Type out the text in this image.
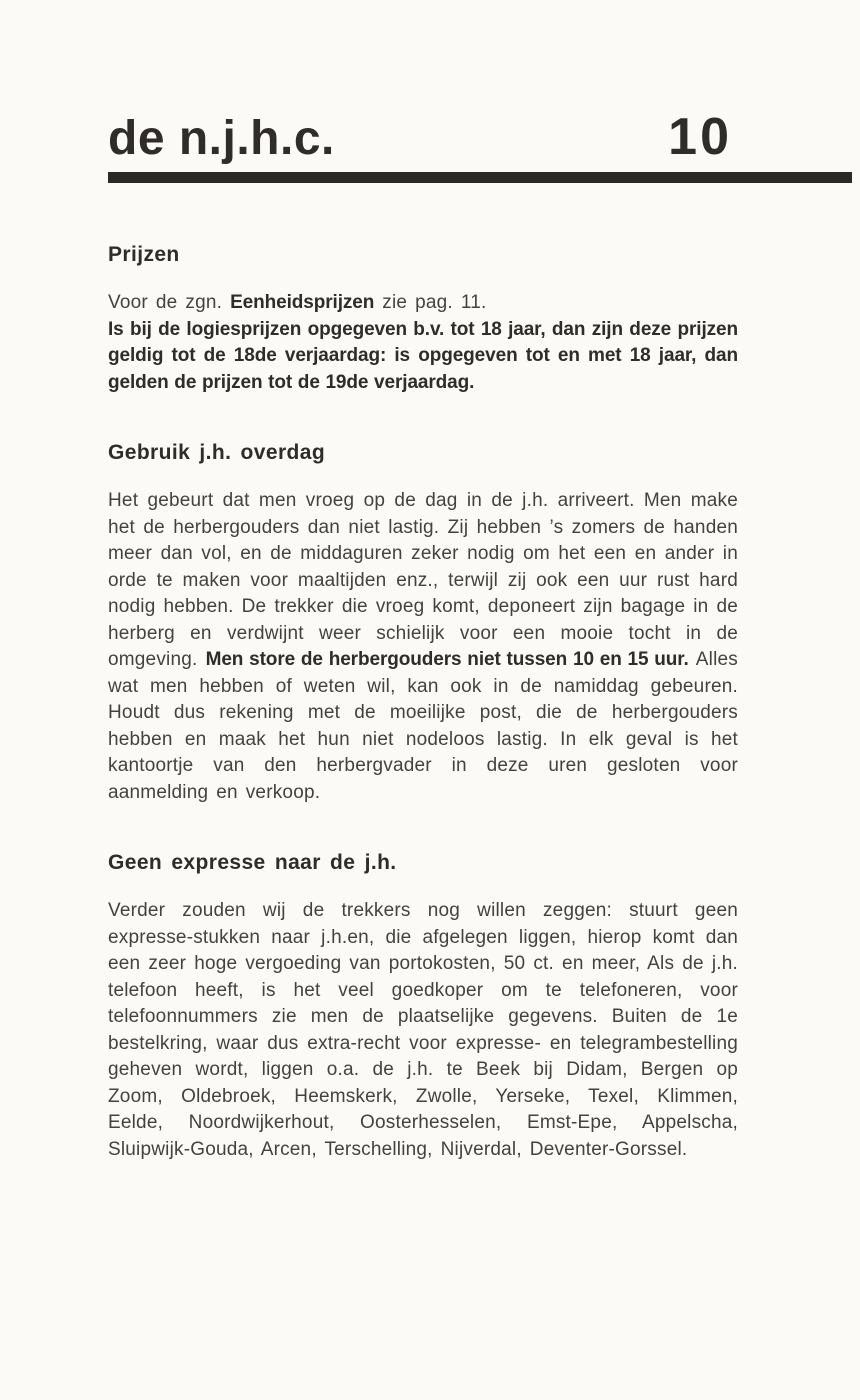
de n.j.h.c.	10
Prijzen

Voor de zgn. Eenheidsprijzen zie pag. 11.
Is bij de logiesprijzen opgegeven b.v. tot 18 jaar, dan zijn deze prijzen geldig tot de 18de verjaardag: is opgegeven tot en met 18 jaar, dan gelden de prijzen tot de 19de verjaardag.

Gebruik j.h. overdag

Het gebeurt dat men vroeg op de dag in de j.h. arriveert. Men make het de herbergouders dan niet lastig. Zij hebben ’s zomers de handen meer dan vol, en de middaguren zeker nodig om het een en ander in orde te maken voor maaltijden enz., terwijl zij ook een uur rust hard nodig hebben. De trekker die vroeg komt, deponeert zijn bagage in de herberg en verdwijnt weer schielijk voor een mooie tocht in de omgeving. Men store de herbergouders niet tussen 10 en 15 uur. Alles wat men hebben of weten wil, kan ook in de namiddag gebeuren. Houdt dus rekening met de moeilijke post, die de herbergouders hebben en maak het hun niet nodeloos lastig. In elk geval is het kantoortje van den herbergvader in deze uren gesloten voor aanmelding en verkoop.

Geen expresse naar de j.h.

Verder zouden wij de trekkers nog willen zeggen: stuurt geen expresse-stukken naar j.h.en, die afgelegen liggen, hierop komt dan een zeer hoge vergoeding van portokosten, 50 ct. en meer, Als de j.h. telefoon heeft, is het veel goedkoper om te telefoneren, voor telefoonnummers zie men de plaatselijke gegevens. Buiten de 1e bestelkring, waar dus extra-recht voor expresse- en telegrambestelling geheven wordt, liggen o.a. de j.h. te Beek bij Didam, Bergen op Zoom, Oldebroek, Heemskerk, Zwolle, Yerseke, Texel, Klimmen, Eelde, Noordwijkerhout, Oosterhesselen, Emst-Epe, Appelscha, Sluipwijk-Gouda, Arcen, Terschelling, Nijverdal, Deventer-Gorssel.
